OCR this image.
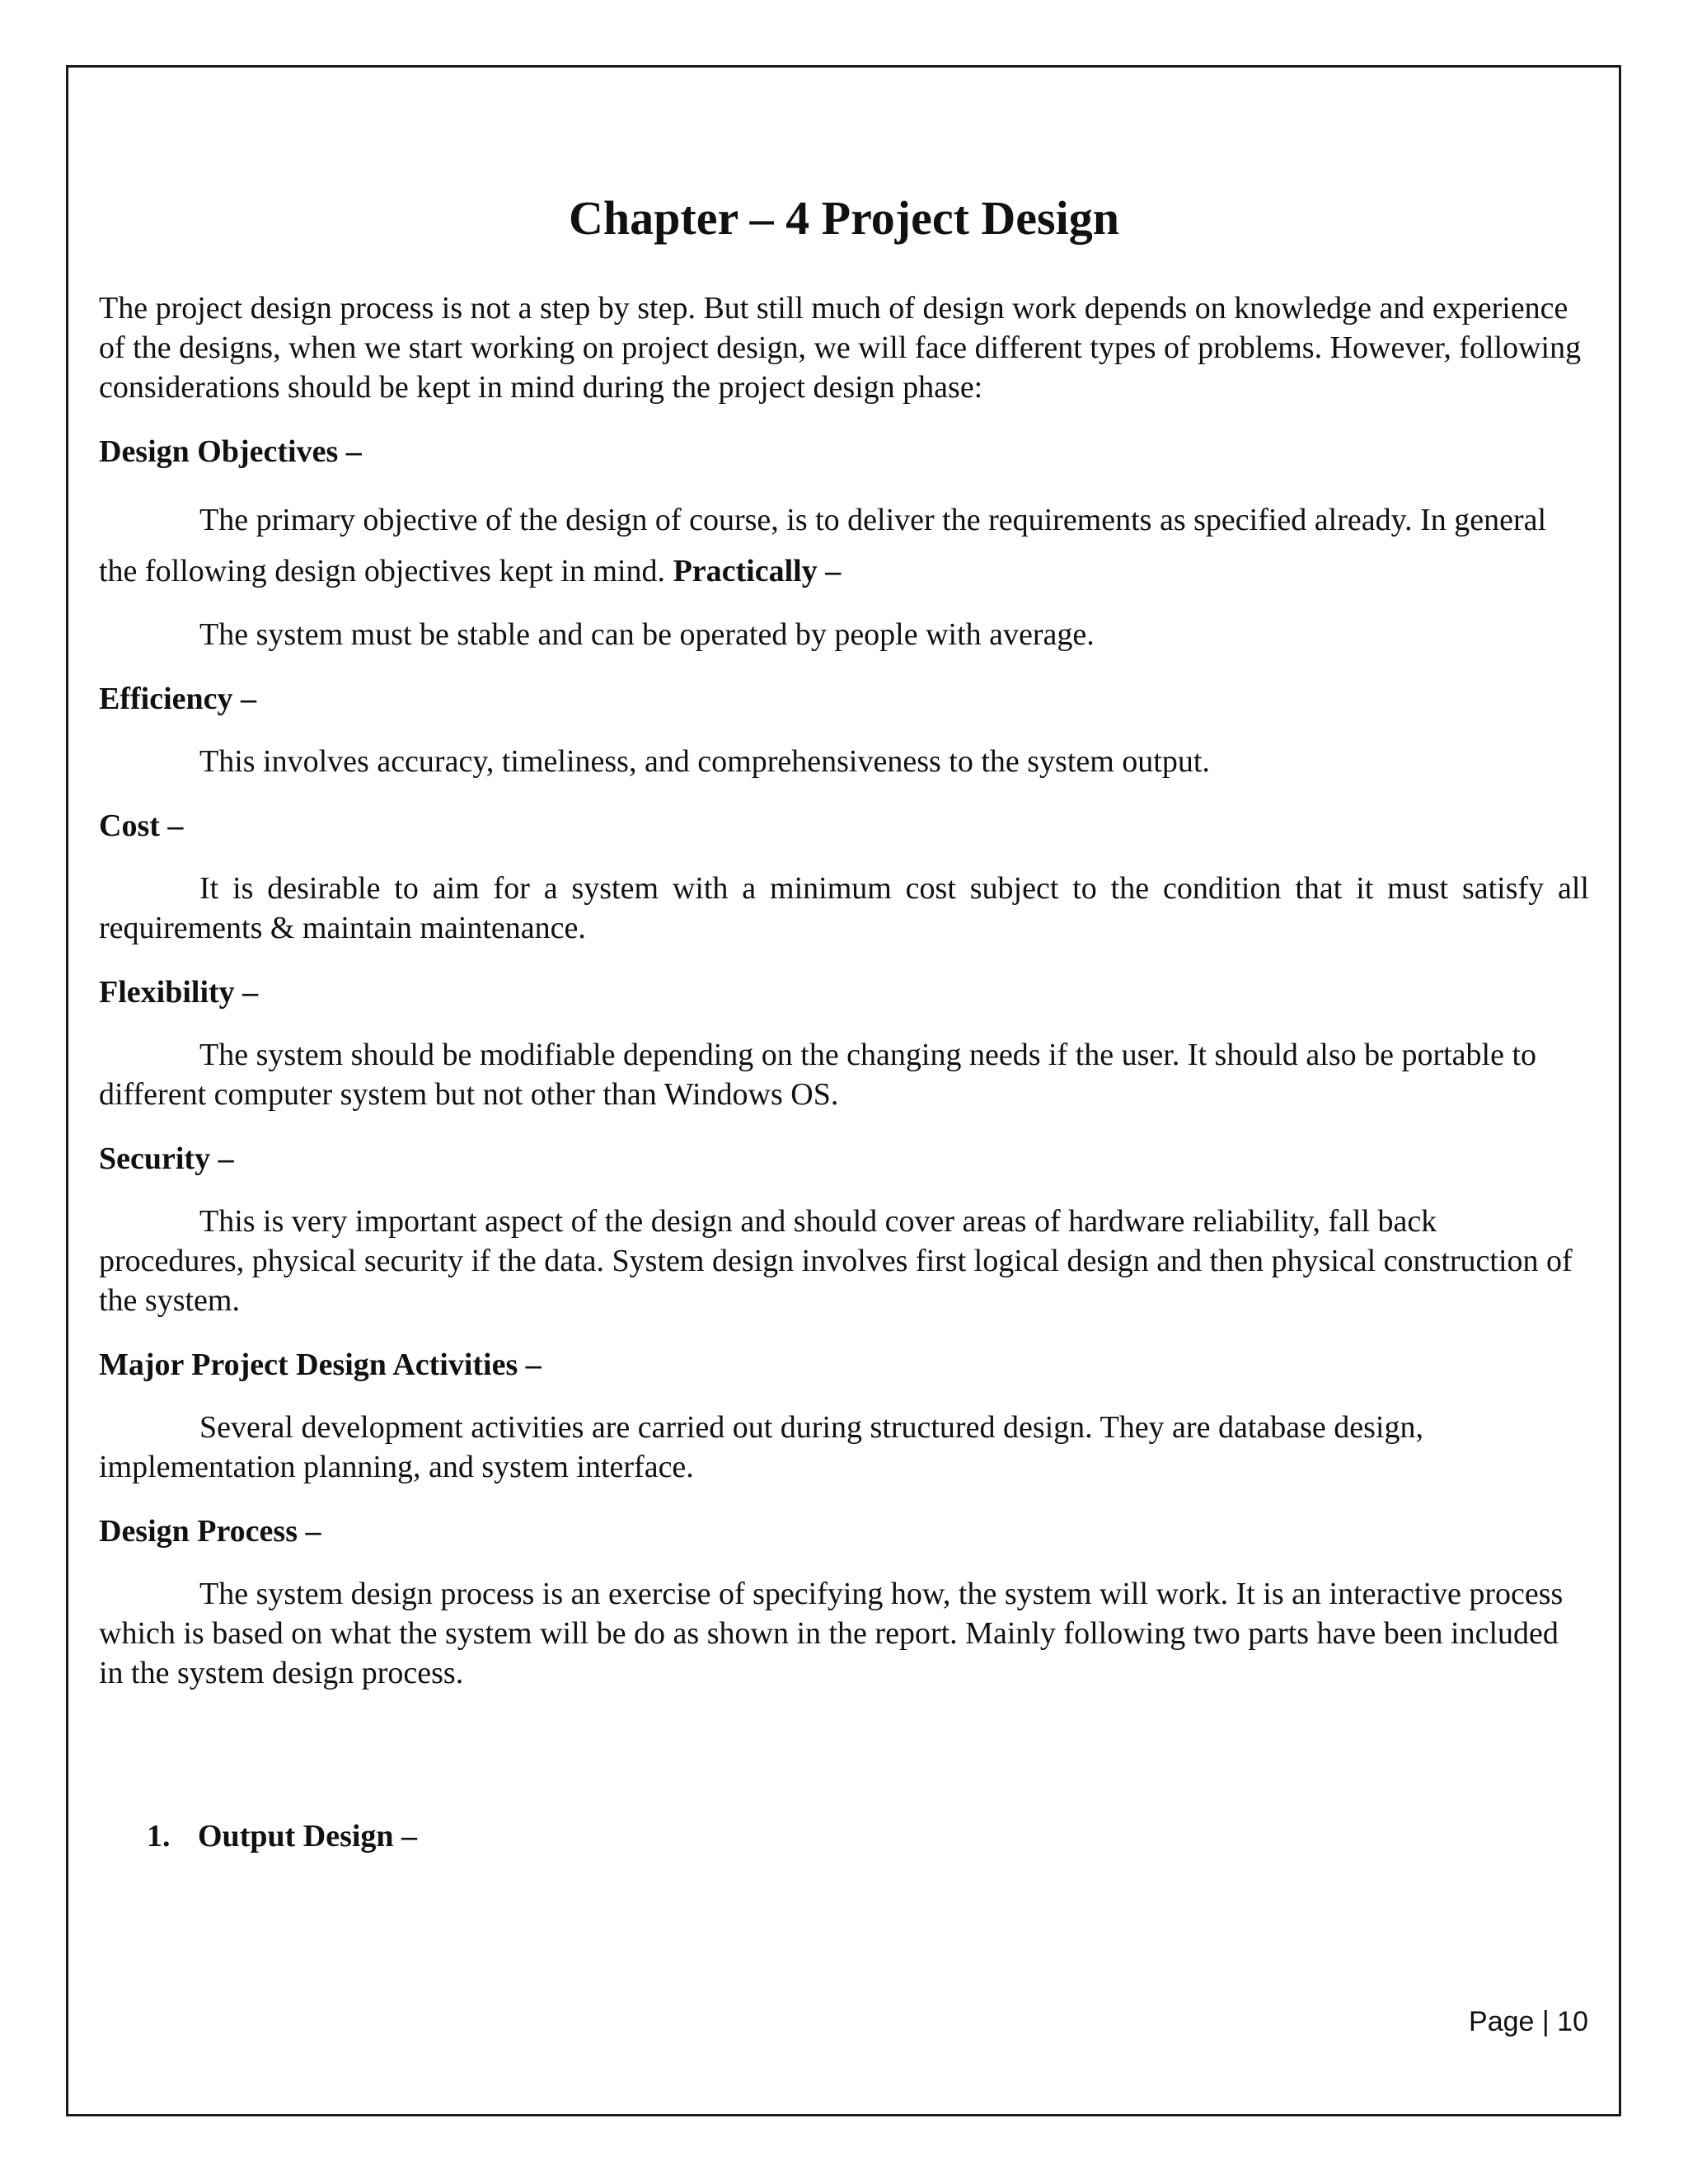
Chapter – 4 Project Design

The project design process is not a step by step. But still much of design work depends on knowledge and experience of the designs, when we start working on project design, we will face different types of problems. However, following considerations should be kept in mind during the project design phase:

Design Objectives –

The primary objective of the design of course, is to deliver the requirements as specified already. In general the following design objectives kept in mind. Practically –

The system must be stable and can be operated by people with average.

Efficiency –

This involves accuracy, timeliness, and comprehensiveness to the system output.

Cost –

It is desirable to aim for a system with a minimum cost subject to the condition that it must satisfy all requirements & maintain maintenance.

Flexibility –

The system should be modifiable depending on the changing needs if the user. It should also be portable to different computer system but not other than Windows OS.

Security –

This is very important aspect of the design and should cover areas of hardware reliability, fall back procedures, physical security if the data. System design involves first logical design and then physical construction of the system.

Major Project Design Activities –

Several development activities are carried out during structured design. They are database design, implementation planning, and system interface.

Design Process –

The system design process is an exercise of specifying how, the system will work. It is an interactive process which is based on what the system will be do as shown in the report. Mainly following two parts have been included in the system design process.

1. Output Design –

Page | 10
